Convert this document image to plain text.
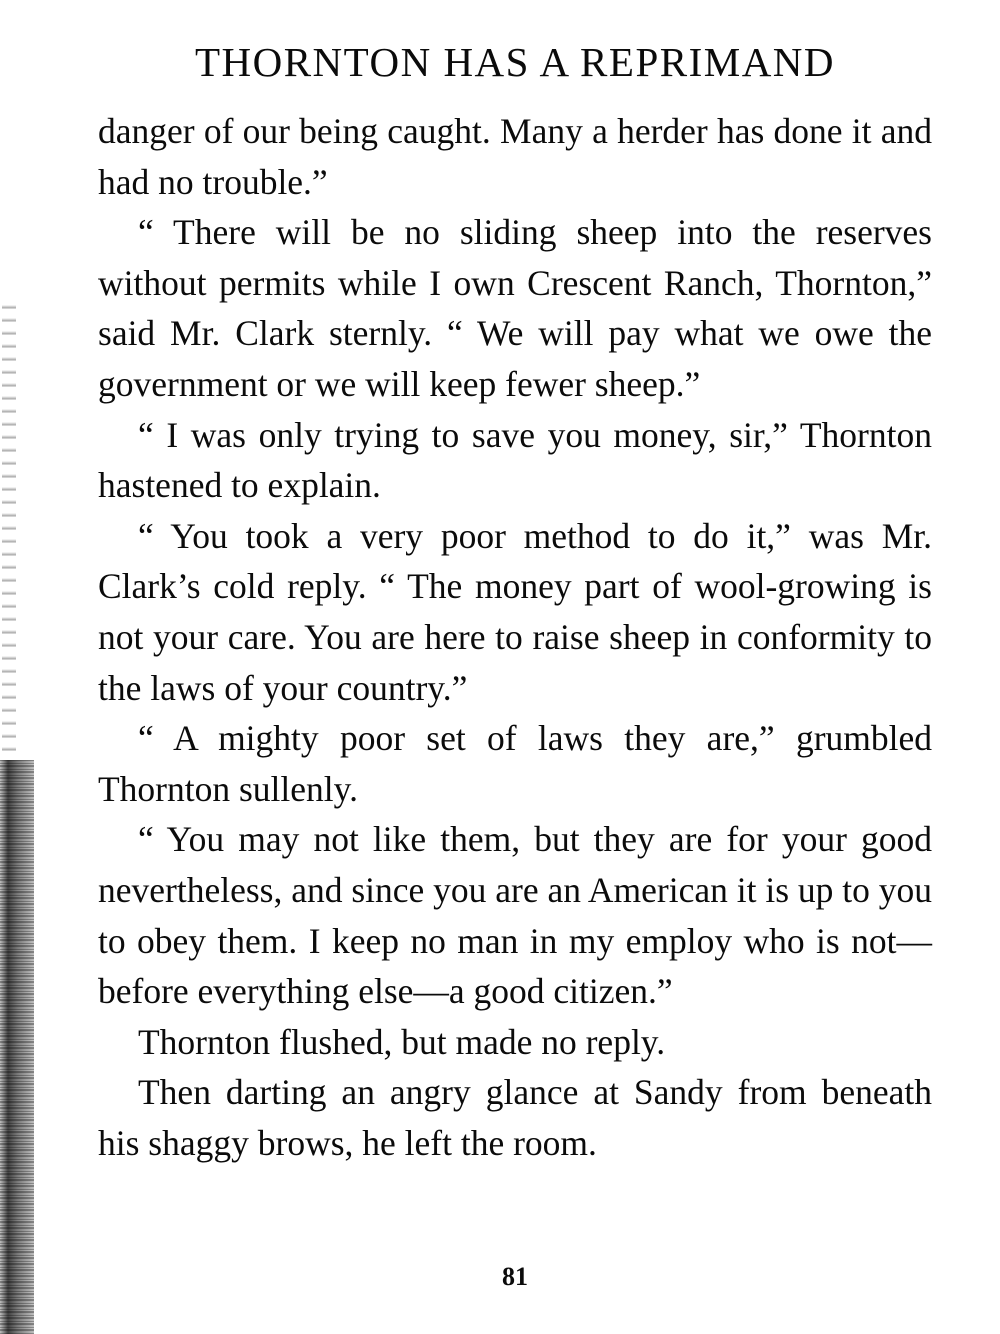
THORNTON HAS A REPRIMAND

danger of our being caught. Many a herder has done it and had no trouble.”

“ There will be no sliding sheep into the reserves without permits while I own Crescent Ranch, Thornton,” said Mr. Clark sternly. “ We will pay what we owe the government or we will keep fewer sheep.”

“ I was only trying to save you money, sir,” Thornton hastened to explain.

“ You took a very poor method to do it,” was Mr. Clark’s cold reply. “ The money part of wool-growing is not your care. You are here to raise sheep in conformity to the laws of your country.”

“ A mighty poor set of laws they are,” grumbled Thornton sullenly.

“ You may not like them, but they are for your good nevertheless, and since you are an American it is up to you to obey them. I keep no man in my employ who is not—before everything else—a good citizen.”

Thornton flushed, but made no reply.

Then darting an angry glance at Sandy from beneath his shaggy brows, he left the room.

81
